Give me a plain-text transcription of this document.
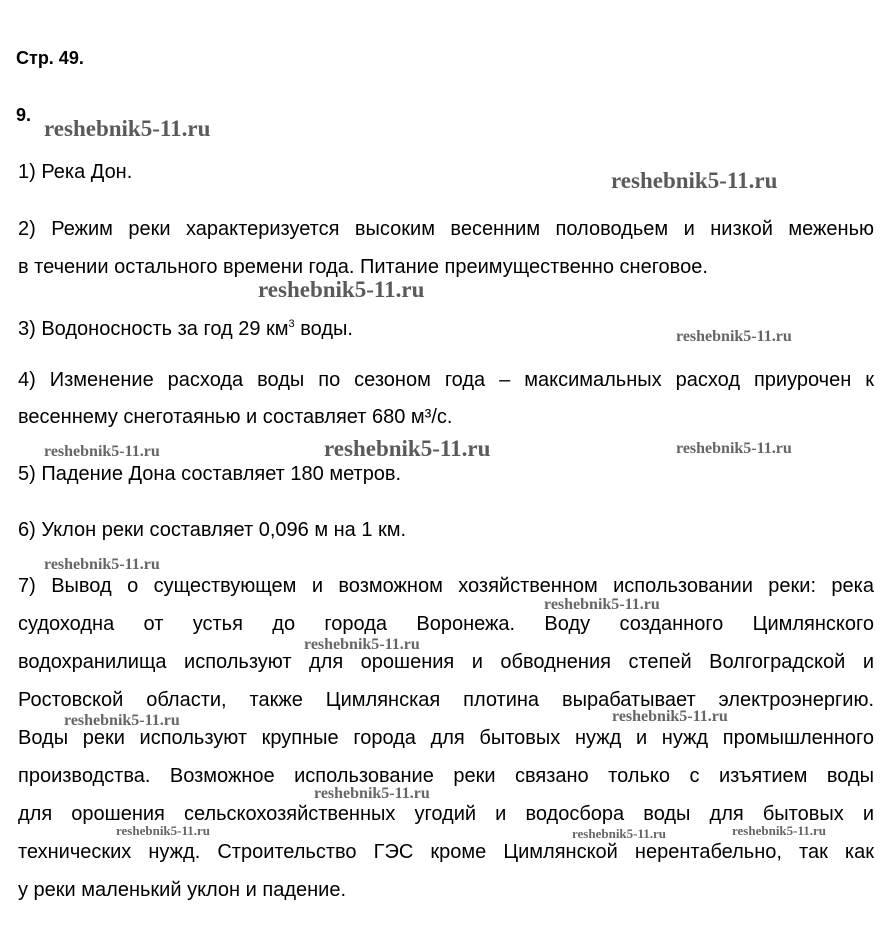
Стр. 49.
9.
1) Река Дон.
2) Режим реки характеризуется высоким весенним половодьем и низкой меженью
в течении остального времени года. Питание преимущественно снеговое.
3) Водоносность за год 29 $км^3$ воды.
4) Изменение расхода воды по сезоном года – максимальных расход приурочен к
весеннему снеготаянью и составляет 680 м³/с.
5) Падение Дона составляет 180 метров.
6) Уклон реки составляет 0,096 м на 1 км.
7) Вывод о существующем и возможном хозяйственном использовании реки: река
судоходна от устья до города Воронежа. Воду созданного Цимлянского
водохранилища используют для орошения и обводнения степей Волгоградской и
Ростовской области, также Цимлянская плотина вырабатывает электроэнергию.
Воды реки используют крупные города для бытовых нужд и нужд промышленного
производства. Возможное использование реки связано только с изъятием воды
для орошения сельскохозяйственных угодий и водосбора воды для бытовых и
технических нужд. Строительство ГЭС кроме Цимлянской нерентабельно, так как
у реки маленький уклон и падение.
reshebnik5-11.ru
reshebnik5-11.ru
reshebnik5-11.ru
reshebnik5-11.ru
reshebnik5-11.ru	reshebnik5-11.ru	reshebnik5-11.ru
reshebnik5-11.ru
reshebnik5-11.ru
reshebnik5-11.ru
reshebnik5-11.ru	reshebnik5-11.ru
reshebnik5-11.ru
reshebnik5-11.ru	reshebnik5-11.ru	reshebnik5-11.ru
